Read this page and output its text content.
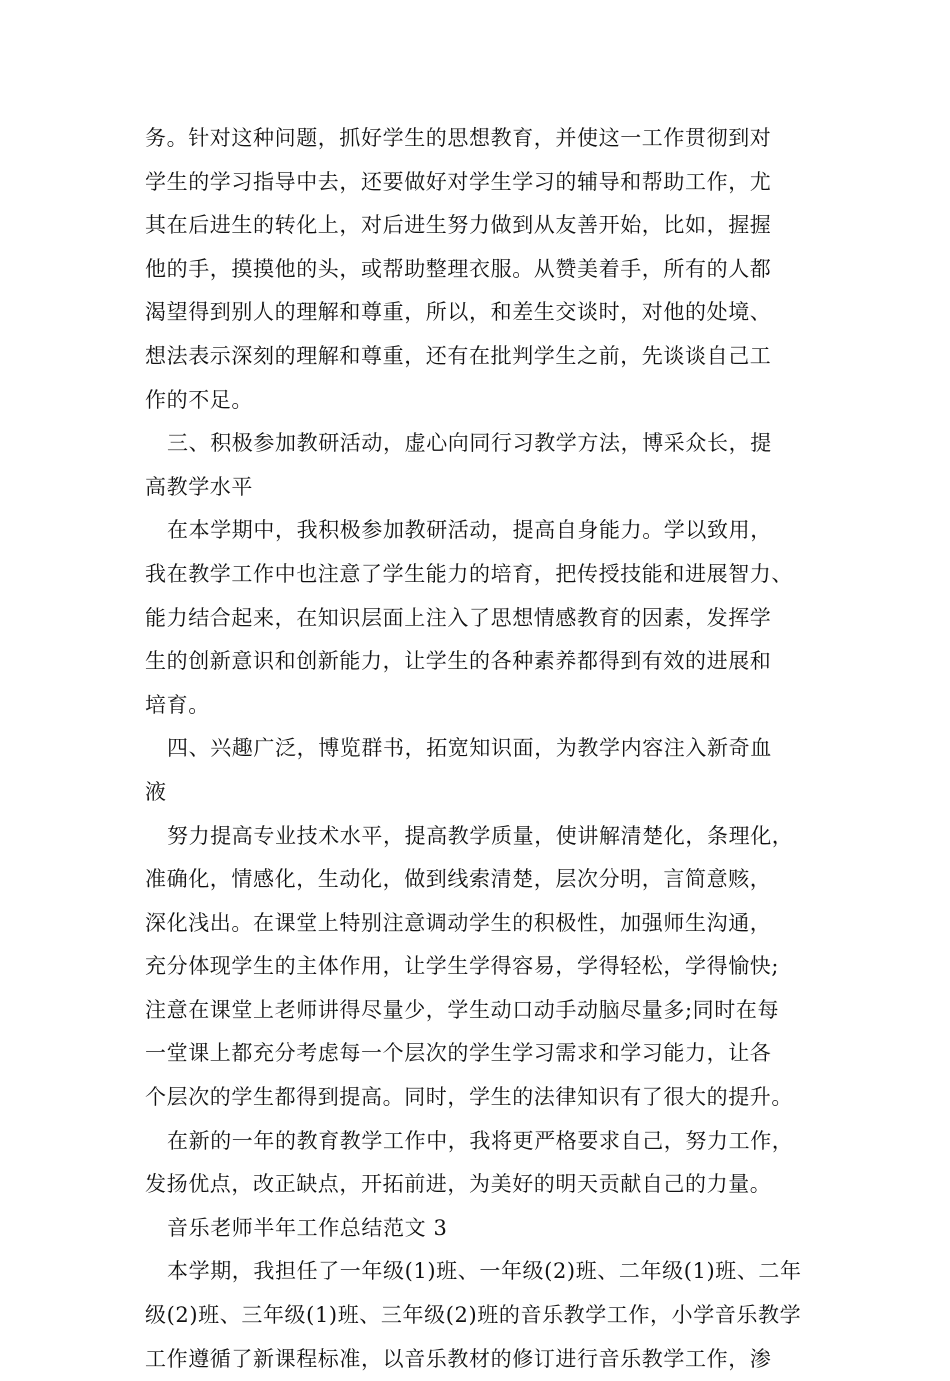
务。针对这种问题，抓好学生的思想教育，并使这一工作贯彻到对
学生的学习指导中去，还要做好对学生学习的辅导和帮助工作，尤
其在后进生的转化上，对后进生努力做到从友善开始，比如，握握
他的手，摸摸他的头，或帮助整理衣服。从赞美着手，所有的人都
渴望得到别人的理解和尊重，所以，和差生交谈时，对他的处境、
想法表示深刻的理解和尊重，还有在批判学生之前，先谈谈自己工
作的不足。
三、积极参加教研活动，虚心向同行习教学方法，博采众长，提
高教学水平
在本学期中，我积极参加教研活动，提高自身能力。学以致用，
我在教学工作中也注意了学生能力的培育，把传授技能和进展智力、
能力结合起来，在知识层面上注入了思想情感教育的因素，发挥学
生的创新意识和创新能力，让学生的各种素养都得到有效的进展和
培育。
四、兴趣广泛，博览群书，拓宽知识面，为教学内容注入新奇血
液
努力提高专业技术水平，提高教学质量，使讲解清楚化，条理化，
准确化，情感化，生动化，做到线索清楚，层次分明，言简意赅，
深化浅出。在课堂上特别注意调动学生的积极性，加强师生沟通，
充分体现学生的主体作用，让学生学得容易，学得轻松，学得愉快;
注意在课堂上老师讲得尽量少，学生动口动手动脑尽量多;同时在每
一堂课上都充分考虑每一个层次的学生学习需求和学习能力，让各
个层次的学生都得到提高。同时，学生的法律知识有了很大的提升。
在新的一年的教育教学工作中，我将更严格要求自己，努力工作，
发扬优点，改正缺点，开拓前进，为美好的明天贡献自己的力量。
音乐老师半年工作总结范文 3
本学期，我担任了一年级(1)班、一年级(2)班、二年级(1)班、二年
级(2)班、三年级(1)班、三年级(2)班的音乐教学工作，小学音乐教学
工作遵循了新课程标准，以音乐教材的修订进行音乐教学工作，渗
